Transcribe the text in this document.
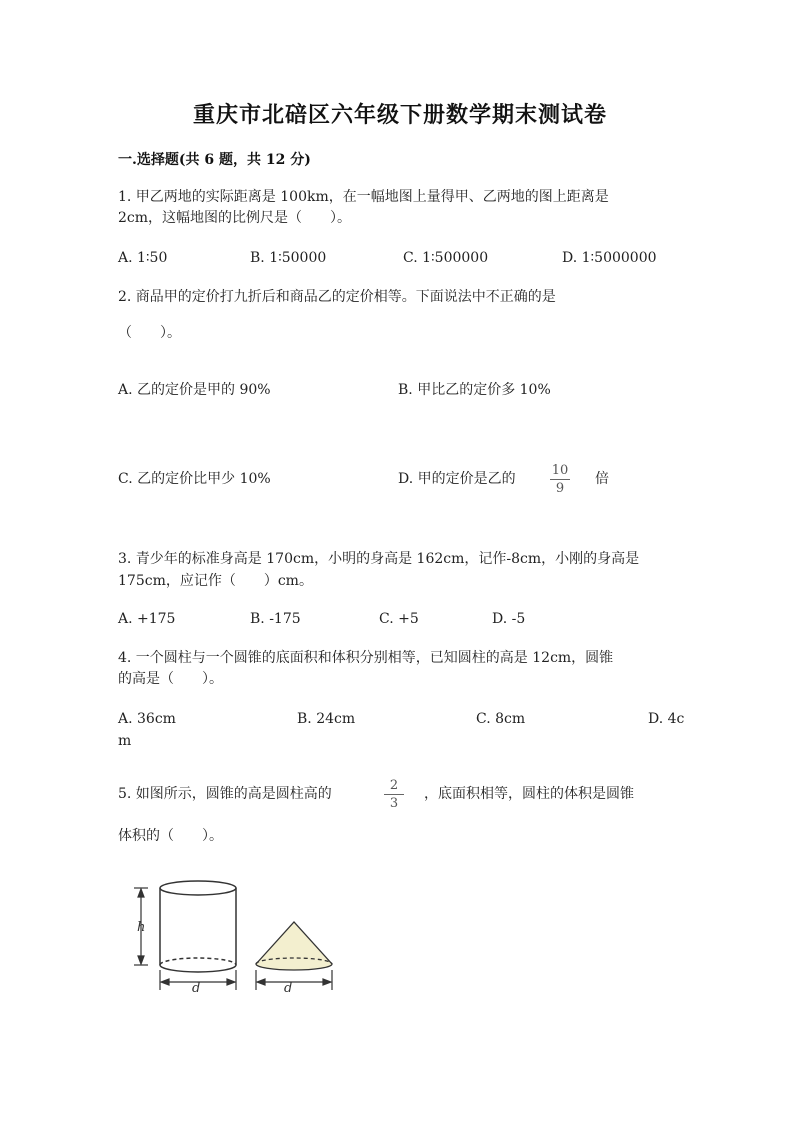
重庆市北碚区六年级下册数学期末测试卷
一.选择题(共 6 题，共 12 分)
1. 甲乙两地的实际距离是 100km，在一幅地图上量得甲、乙两地的图上距离是
2cm，这幅地图的比例尺是（　　）。
A. 1∶50	B. 1∶50000	C. 1∶500000	D. 1∶5000000
2. 商品甲的定价打九折后和商品乙的定价相等。下面说法中不正确的是
（　　）。
A. 乙的定价是甲的 90%	B. 甲比乙的定价多 10%
C. 乙的定价比甲少 10%	D. 甲的定价是乙的
10
9
倍
3. 青少年的标准身高是 170cm，小明的身高是 162cm，记作-8cm，小刚的身高是
175cm，应记作（　　）cm。
A. +175	B. -175	C. +5	D. -5
4. 一个圆柱与一个圆锥的底面积和体积分别相等，已知圆柱的高是 12cm，圆锥
的高是（　　）。
A. 36cm	B. 24cm	C. 8cm	D. 4c
m
5. 如图所示，圆锥的高是圆柱高的
2
3
，底面积相等，圆柱的体积是圆锥
体积的（　　）。
h
d	d
